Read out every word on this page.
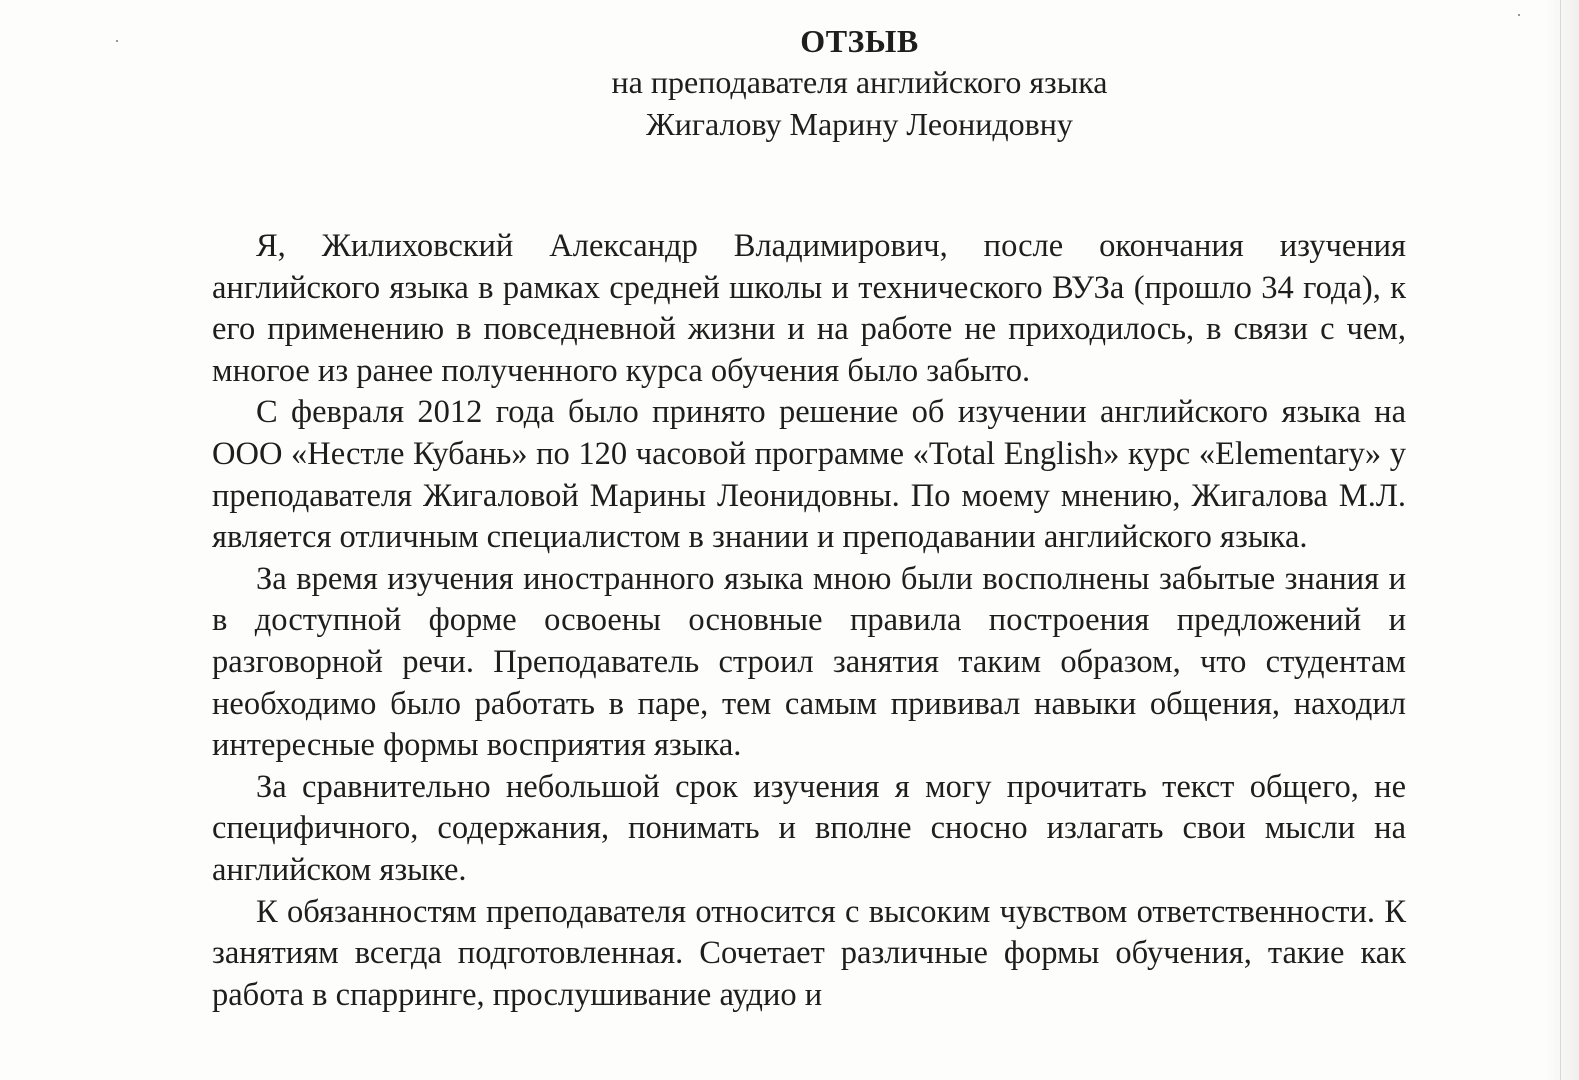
ОТЗЫВ
на преподавателя английского языка
Жигалову Марину Леонидовну

Я, Жилиховский Александр Владимирович, после окончания изучения английского языка в рамках средней школы и технического ВУЗа (прошло 34 года), к его применению в повседневной жизни и на работе не приходилось, в связи с чем, многое из ранее полученного курса обучения было забыто.

С февраля 2012 года было принято решение об изучении английского языка на ООО «Нестле Кубань» по 120 часовой программе «Total English» курс «Elementary» у преподавателя Жигаловой Марины Леонидовны. По моему мнению, Жигалова М.Л. является отличным специалистом в знании и преподавании английского языка.

За время изучения иностранного языка мною были восполнены забытые знания и в доступной форме освоены основные правила построения предложений и разговорной речи. Преподаватель строил занятия таким образом, что студентам необходимо было работать в паре, тем самым прививал навыки общения, находил интересные формы восприятия языка.

За сравнительно небольшой срок изучения я могу прочитать текст общего, не специфичного, содержания, понимать и вполне сносно излагать свои мысли на английском языке.

К обязанностям преподавателя относится с высоким чувством ответственности. К занятиям всегда подготовленная. Сочетает различные формы обучения, такие как работа в спарринге, прослушивание аудио и
